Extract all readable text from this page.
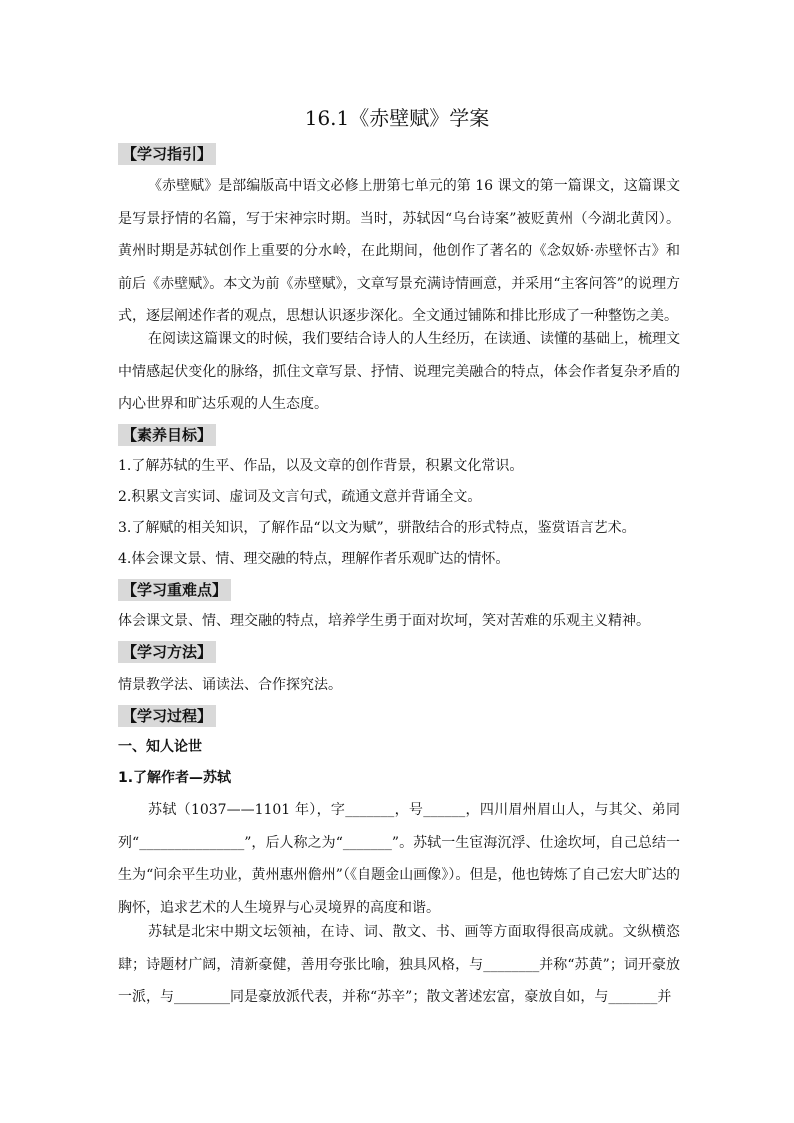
16.1《赤壁赋》学案
【学习指引】

《赤壁赋》是部编版高中语文必修上册第七单元的第 16 课文的第一篇课文，这篇课文是写景抒情的名篇，写于宋神宗时期。当时，苏轼因“乌台诗案”被贬黄州（今湖北黄冈）。黄州时期是苏轼创作上重要的分水岭，在此期间，他创作了著名的《念奴娇·赤壁怀古》和前后《赤壁赋》。本文为前《赤壁赋》，文章写景充满诗情画意，并采用“主客问答”的说理方式，逐层阐述作者的观点，思想认识逐步深化。全文通过铺陈和排比形成了一种整饬之美。

在阅读这篇课文的时候，我们要结合诗人的人生经历，在读通、读懂的基础上，梳理文中情感起伏变化的脉络，抓住文章写景、抒情、说理完美融合的特点，体会作者复杂矛盾的内心世界和旷达乐观的人生态度。

【素养目标】
1.了解苏轼的生平、作品，以及文章的创作背景，积累文化常识。
2.积累文言实词、虚词及文言句式，疏通文意并背诵全文。
3.了解赋的相关知识，了解作品“以文为赋”，骈散结合的形式特点，鉴赏语言艺术。
4.体会课文景、情、理交融的特点，理解作者乐观旷达的情怀。
【学习重难点】
体会课文景、情、理交融的特点，培养学生勇于面对坎坷，笑对苦难的乐观主义精神。
【学习方法】
情景教学法、诵读法、合作探究法。
【学习过程】
一、知人论世
1.了解作者—苏轼

苏轼（1037——1101 年），字_______，号______，四川眉州眉山人，与其父、弟同列“_______________”，后人称之为“_______”。苏轼一生宦海沉浮、仕途坎坷，自己总结一生为“问余平生功业，黄州惠州儋州”（《自题金山画像》）。但是，他也铸炼了自己宏大旷达的胸怀，追求艺术的人生境界与心灵境界的高度和谐。

苏轼是北宋中期文坛领袖，在诗、词、散文、书、画等方面取得很高成就。文纵横恣肆；诗题材广阔，清新豪健，善用夸张比喻，独具风格，与________并称“苏黄”；词开豪放一派，与________同是豪放派代表，并称“苏辛”；散文著述宏富，豪放自如，与_______并
